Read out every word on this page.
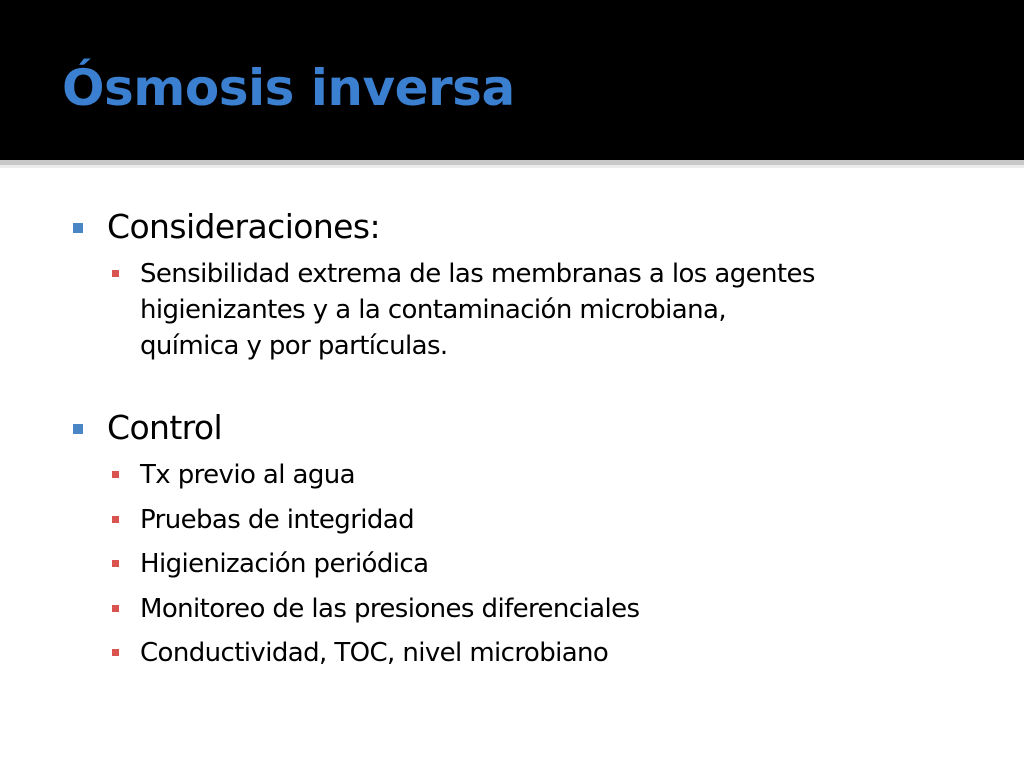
Ósmosis inversa
Consideraciones:
Sensibilidad extrema de las membranas a los agentes
higienizantes y a la contaminación microbiana,
química y por partículas.
Control
Tx previo al agua
Pruebas de integridad
Higienización periódica
Monitoreo de las presiones diferenciales
Conductividad, TOC, nivel microbiano
